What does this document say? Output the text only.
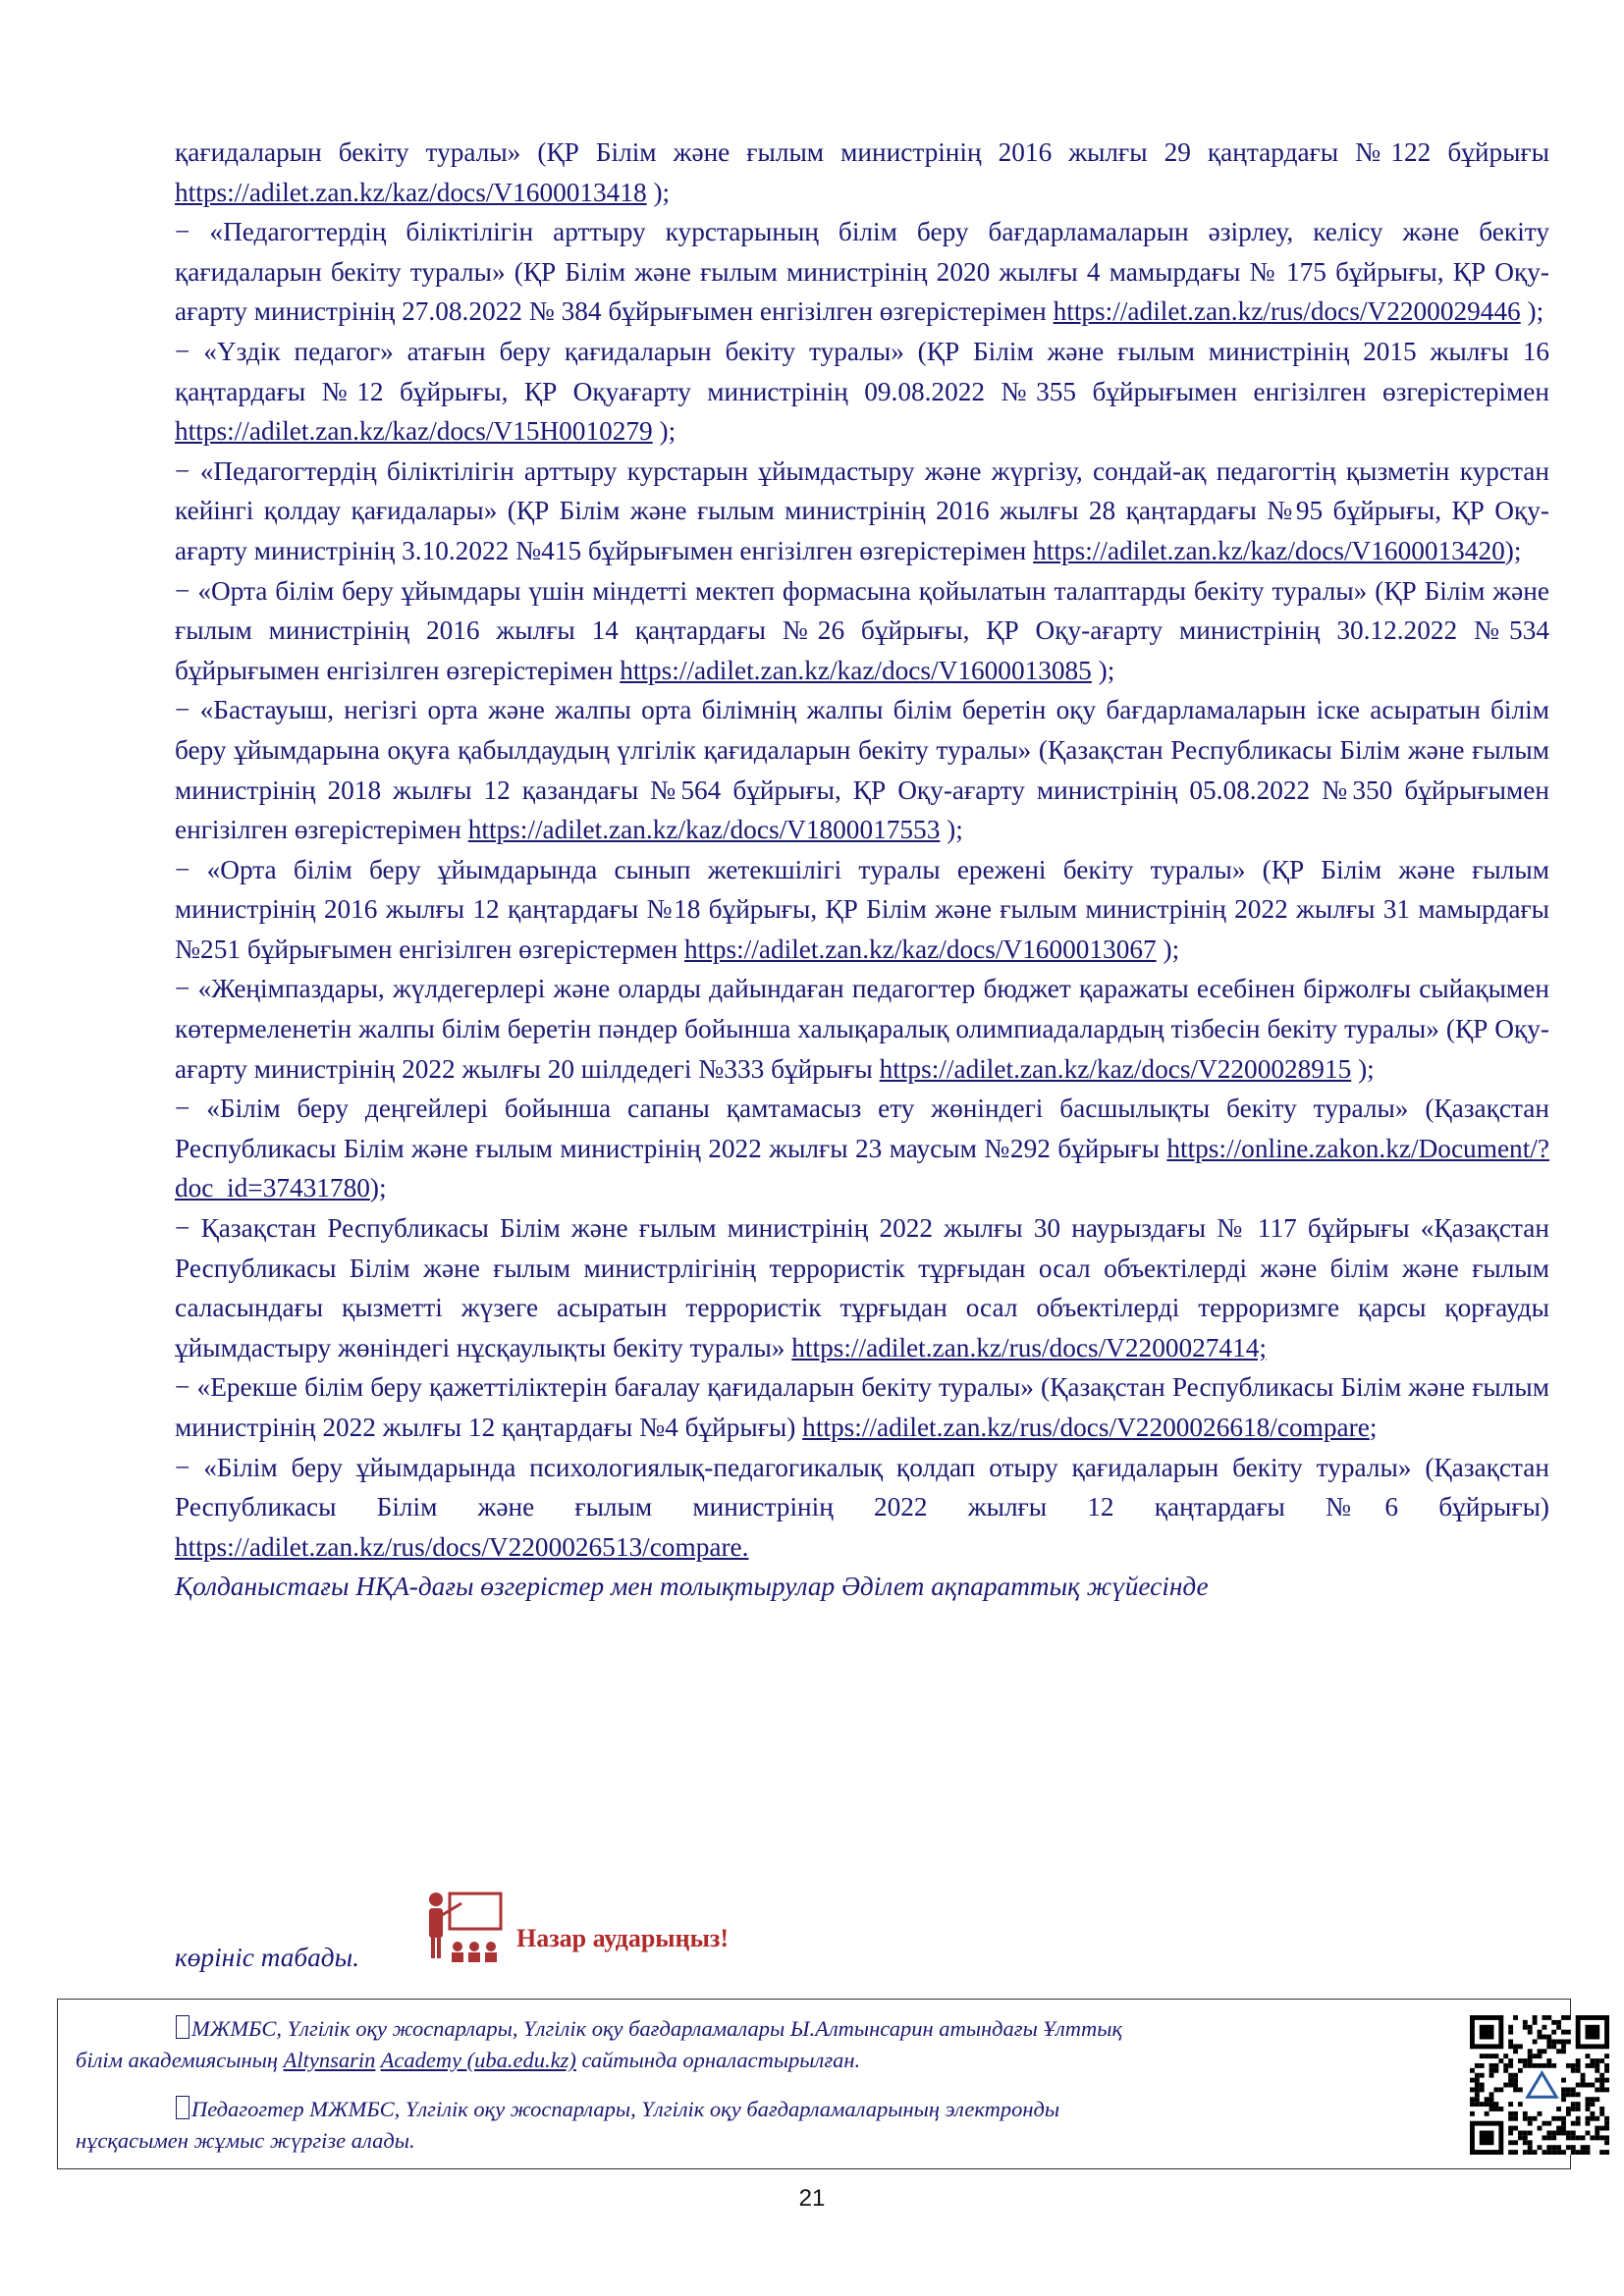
қағидаларын бекіту туралы» (ҚР Білім және ғылым министрінің 2016 жылғы 29 қаңтардағы №122 бұйрығы https://adilet.zan.kz/kaz/docs/V1600013418 );

− «Педагогтердің біліктілігін арттыру курстарының білім беру бағдарламаларын әзірлеу, келісу және бекіту қағидаларын бекіту туралы» (ҚР Білім және ғылым министрінің 2020 жылғы 4 мамырдағы № 175 бұйрығы, ҚР Оқу-ағарту министрінің 27.08.2022 № 384 бұйрығымен енгізілген өзгерістерімен https://adilet.zan.kz/rus/docs/V2200029446 );

− «Үздік педагог» атағын беру қағидаларын бекіту туралы» (ҚР Білім және ғылым министрінің 2015 жылғы 16 қаңтардағы №12 бұйрығы, ҚР Оқуағарту министрінің 09.08.2022 №355 бұйрығымен енгізілген өзгерістерімен https://adilet.zan.kz/kaz/docs/V15H0010279 );

− «Педагогтердің біліктілігін арттыру курстарын ұйымдастыру және жүргізу, сондай-ақ педагогтің қызметін курстан кейінгі қолдау қағидалары» (ҚР Білім және ғылым министрінің 2016 жылғы 28 қаңтардағы №95 бұйрығы, ҚР Оқу-ағарту министрінің 3.10.2022 №415 бұйрығымен енгізілген өзгерістерімен https://adilet.zan.kz/kaz/docs/V1600013420);

− «Орта білім беру ұйымдары үшін міндетті мектеп формасына қойылатын талаптарды бекіту туралы» (ҚР Білім және ғылым министрінің 2016 жылғы 14 қаңтардағы №26 бұйрығы, ҚР Оқу-ағарту министрінің 30.12.2022 №534 бұйрығымен енгізілген өзгерістерімен https://adilet.zan.kz/kaz/docs/V1600013085 );

− «Бастауыш, негізгі орта және жалпы орта білімнің жалпы білім беретін оқу бағдарламаларын іске асыратын білім беру ұйымдарына оқуға қабылдаудың үлгілік қағидаларын бекіту туралы» (Қазақстан Республикасы Білім және ғылым министрінің 2018 жылғы 12 қазандағы №564 бұйрығы, ҚР Оқу-ағарту министрінің 05.08.2022 №350 бұйрығымен енгізілген өзгерістерімен https://adilet.zan.kz/kaz/docs/V1800017553 );

− «Орта білім беру ұйымдарында сынып жетекшілігі туралы ережені бекіту туралы» (ҚР Білім және ғылым министрінің 2016 жылғы 12 қаңтардағы №18 бұйрығы, ҚР Білім және ғылым министрінің 2022 жылғы 31 мамырдағы №251 бұйрығымен енгізілген өзгерістермен https://adilet.zan.kz/kaz/docs/V1600013067 );

− «Жеңімпаздары, жүлдегерлері және оларды дайындаған педагогтер бюджет қаражаты есебінен біржолғы сыйақымен көтермеленетін жалпы білім беретін пәндер бойынша халықаралық олимпиадалардың тізбесін бекіту туралы» (ҚР Оқу-ағарту министрінің 2022 жылғы 20 шілдедегі №333 бұйрығы https://adilet.zan.kz/kaz/docs/V2200028915 );

− «Білім беру деңгейлері бойынша сапаны қамтамасыз ету жөніндегі басшылықты бекіту туралы» (Қазақстан Республикасы Білім және ғылым министрінің 2022 жылғы 23 маусым №292 бұйрығы https://online.zakon.kz/Document/?doc_id=37431780);

− Қазақстан Республикасы Білім және ғылым министрінің 2022 жылғы 30 наурыздағы № 117 бұйрығы «Қазақстан Республикасы Білім және ғылым министрлігінің террористік тұрғыдан осал объектілерді және білім және ғылым саласындағы қызметті жүзеге асыратын террористік тұрғыдан осал объектілерді терроризмге қарсы қорғауды ұйымдастыру жөніндегі нұсқаулықты бекіту туралы» https://adilet.zan.kz/rus/docs/V2200027414;

− «Ерекше білім беру қажеттіліктерін бағалау қағидаларын бекіту туралы» (Қазақстан Республикасы Білім және ғылым министрінің 2022 жылғы 12 қаңтардағы №4 бұйрығы) https://adilet.zan.kz/rus/docs/V2200026618/compare;

− «Білім беру ұйымдарында психологиялық-педагогикалық қолдап отыру қағидаларын бекіту туралы» (Қазақстан Республикасы Білім және ғылым министрінің 2022 жылғы 12 қаңтардағы №6 бұйрығы) https://adilet.zan.kz/rus/docs/V2200026513/compare.

Қолданыстағы НҚА-дағы өзгерістер мен толықтырулар Әділет ақпараттық жүйесінде

көрініс табады.
Назар аударыңыз!
МЖМБС, Үлгілік оқу жоспарлары, Үлгілік оқу бағдарламалары Ы.Алтынсарин атындағы Ұлттық
білім академиясының Altynsarin Academy (uba.edu.kz) сайтында орналастырылған.
Педагогтер МЖМБС, Үлгілік оқу жоспарлары, Үлгілік оқу бағдарламаларының электронды
нұсқасымен жұмыс жүргізе алады.
21
